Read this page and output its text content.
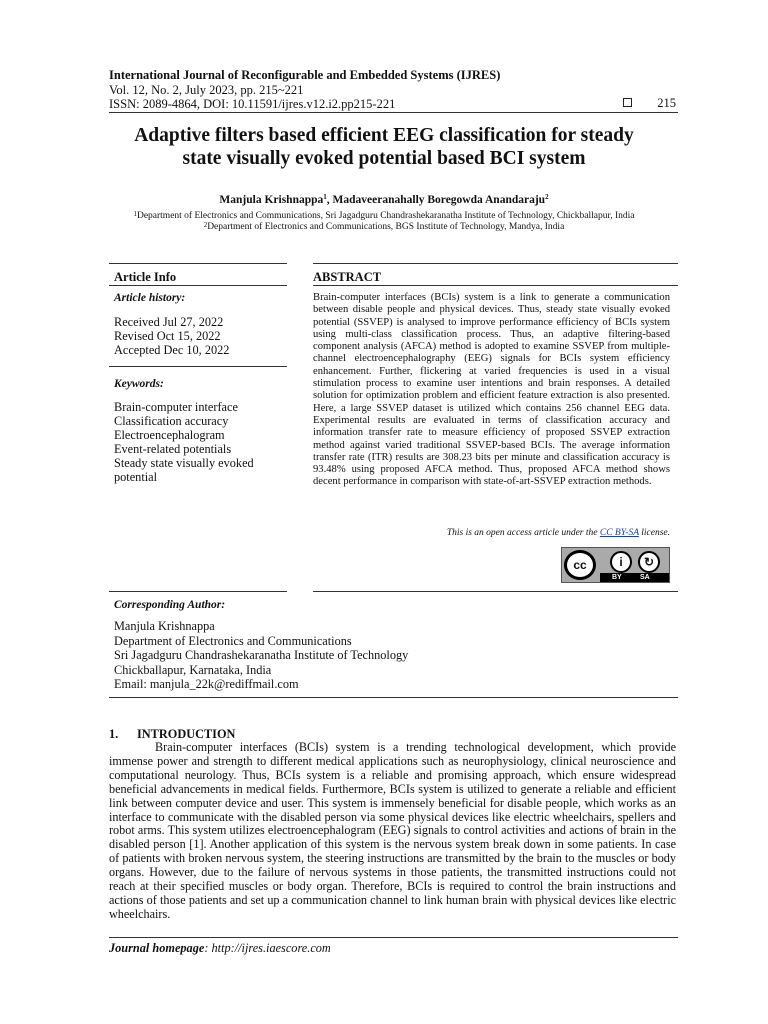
International Journal of Reconfigurable and Embedded Systems (IJRES)
Vol. 12, No. 2, July 2023, pp. 215~221
ISSN: 2089-4864, DOI: 10.11591/ijres.v12.i2.pp215-221	215
Adaptive filters based efficient EEG classification for steady
state visually evoked potential based BCI system
Manjula Krishnappa$^1$, Madaveeranahally Boregowda Anandaraju$^2$
$^1$Department of Electronics and Communications, Sri Jagadguru Chandrashekaranatha Institute of Technology, Chickballapur, India
$^2$Department of Electronics and Communications, BGS Institute of Technology, Mandya, India
Article Info	ABSTRACT
Article history:
Received Jul 27, 2022
Revised Oct 15, 2022
Accepted Dec 10, 2022
Keywords:
Brain-computer interface
Classification accuracy
Electroencephalogram
Event-related potentials
Steady state visually evoked
potential
Brain-computer interfaces (BCIs) system is a link to generate a communication between disable people and physical devices. Thus, steady state visually evoked potential (SSVEP) is analysed to improve performance efficiency of BCIs system using multi-class classification process. Thus, an adaptive filtering-based component analysis (AFCA) method is adopted to examine SSVEP from multiple-channel electroencephalography (EEG) signals for BCIs system efficiency enhancement. Further, flickering at varied frequencies is used in a visual stimulation process to examine user intentions and brain responses. A detailed solution for optimization problem and efficient feature extraction is also presented. Here, a large SSVEP dataset is utilized which contains 256 channel EEG data. Experimental results are evaluated in terms of classification accuracy and information transfer rate to measure efficiency of proposed SSVEP extraction method against varied traditional SSVEP-based BCIs. The average information transfer rate (ITR) results are 308.23 bits per minute and classification accuracy is 93.48% using proposed AFCA method. Thus, proposed AFCA method shows decent performance in comparison with state-of-art-SSVEP extraction methods.
This is an open access article under the CC BY-SA license.
cc	i	↻
BY	SA
Corresponding Author:
Manjula Krishnappa
Department of Electronics and Communications
Sri Jagadguru Chandrashekaranatha Institute of Technology
Chickballapur, Karnataka, India
Email: manjula_22k@rediffmail.com
1. INTRODUCTION

Brain-computer interfaces (BCIs) system is a trending technological development, which provide immense power and strength to different medical applications such as neurophysiology, clinical neuroscience and computational neurology. Thus, BCIs system is a reliable and promising approach, which ensure widespread beneficial advancements in medical fields. Furthermore, BCIs system is utilized to generate a reliable and efficient link between computer device and user. This system is immensely beneficial for disable people, which works as an interface to communicate with the disabled person via some physical devices like electric wheelchairs, spellers and robot arms. This system utilizes electroencephalogram (EEG) signals to control activities and actions of brain in the disabled person [1]. Another application of this system is the nervous system break down in some patients. In case of patients with broken nervous system, the steering instructions are transmitted by the brain to the muscles or body organs. However, due to the failure of nervous systems in those patients, the transmitted instructions could not reach at their specified muscles or body organ. Therefore, BCIs is required to control the brain instructions and actions of those patients and set up a communication channel to link human brain with physical devices like electric wheelchairs.

Journal homepage: http://ijres.iaescore.com
